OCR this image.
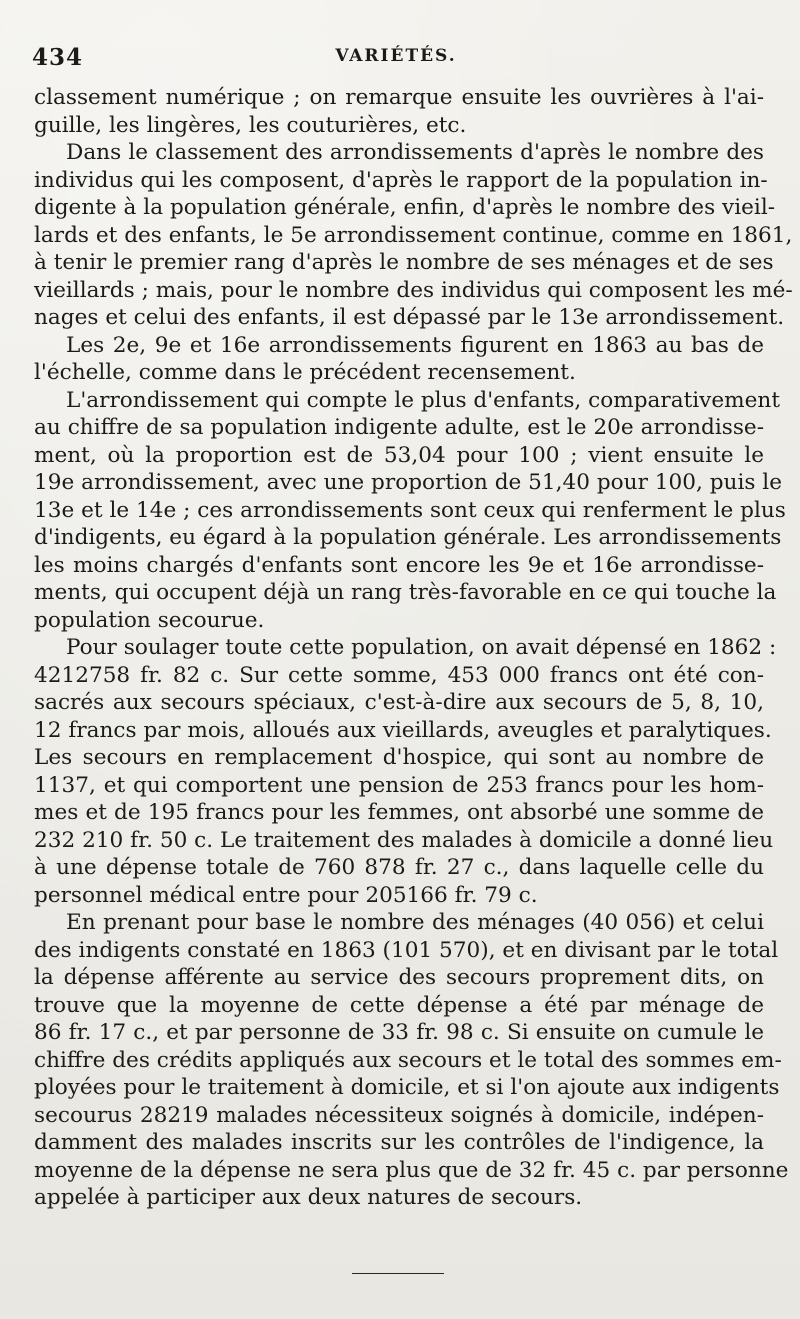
434	VARIÉTÉS.
classement numérique ; on remarque ensuite les ouvrières à l'ai-
guille, les lingères, les couturières, etc.
Dans le classement des arrondissements d'après le nombre des
individus qui les composent, d'après le rapport de la population in-
digente à la population générale, enfin, d'après le nombre des vieil-
lards et des enfants, le 5e arrondissement continue, comme en 1861,
à tenir le premier rang d'après le nombre de ses ménages et de ses
vieillards ; mais, pour le nombre des individus qui composent les mé-
nages et celui des enfants, il est dépassé par le 13e arrondissement.
Les 2e, 9e et 16e arrondissements figurent en 1863 au bas de
l'échelle, comme dans le précédent recensement.
L'arrondissement qui compte le plus d'enfants, comparativement
au chiffre de sa population indigente adulte, est le 20e arrondisse-
ment, où la proportion est de 53,04 pour 100 ; vient ensuite le
19e arrondissement, avec une proportion de 51,40 pour 100, puis le
13e et le 14e ; ces arrondissements sont ceux qui renferment le plus
d'indigents, eu égard à la population générale. Les arrondissements
les moins chargés d'enfants sont encore les 9e et 16e arrondisse-
ments, qui occupent déjà un rang très-favorable en ce qui touche la
population secourue.
Pour soulager toute cette population, on avait dépensé en 1862 :
4212758 fr. 82 c. Sur cette somme, 453 000 francs ont été con-
sacrés aux secours spéciaux, c'est-à-dire aux secours de 5, 8, 10,
12 francs par mois, alloués aux vieillards, aveugles et paralytiques.
Les secours en remplacement d'hospice, qui sont au nombre de
1137, et qui comportent une pension de 253 francs pour les hom-
mes et de 195 francs pour les femmes, ont absorbé une somme de
232 210 fr. 50 c. Le traitement des malades à domicile a donné lieu
à une dépense totale de 760 878 fr. 27 c., dans laquelle celle du
personnel médical entre pour 205166 fr. 79 c.
En prenant pour base le nombre des ménages (40 056) et celui
des indigents constaté en 1863 (101 570), et en divisant par le total
la dépense afférente au service des secours proprement dits, on
trouve que la moyenne de cette dépense a été par ménage de
86 fr. 17 c., et par personne de 33 fr. 98 c. Si ensuite on cumule le
chiffre des crédits appliqués aux secours et le total des sommes em-
ployées pour le traitement à domicile, et si l'on ajoute aux indigents
secourus 28219 malades nécessiteux soignés à domicile, indépen-
damment des malades inscrits sur les contrôles de l'indigence, la
moyenne de la dépense ne sera plus que de 32 fr. 45 c. par personne
appelée à participer aux deux natures de secours.
